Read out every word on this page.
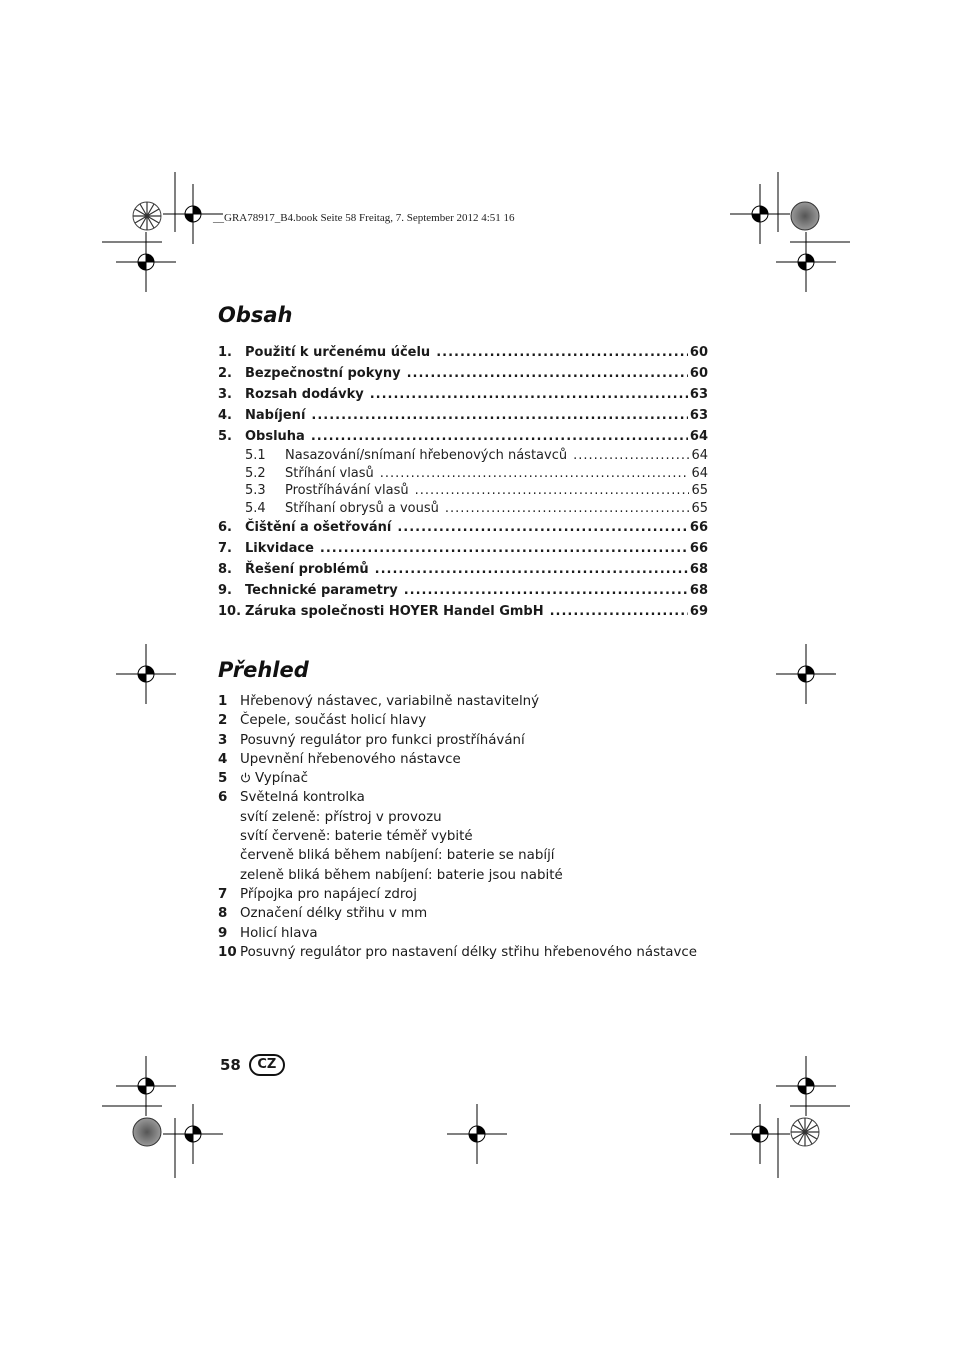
__GRA78917_B4.book Seite 58 Freitag, 7. September 2012 4:51 16
Obsah
1.	Použití k určenému účelu .....	60
2.	Bezpečnostní pokyny .....	60
3.	Rozsah dodávky .....	63
4.	Nabíjení .....	63
5.	Obsluha .....	64
5.1	Nasazování/snímaní hřebenových nástavců .....	64
5.2	Stříhání vlasů .....	64
5.3	Prostříhávání vlasů .....	65
5.4	Stříhaní obrysů a vousů .....	65
6.	Čištění a ošetřování .....	66
7.	Likvidace .....	66
8.	Řešení problémů .....	68
9.	Technické parametry .....	68
10. Záruka společnosti HOYER Handel GmbH .....	69
Přehled
1 Hřebenový nástavec, variabilně nastavitelný
2 Čepele, součást holicí hlavy
3 Posuvný regulátor pro funkci prostříhávání
4 Upevnění hřebenového nástavce
5	Vypínač
6 Světelná kontrolka
svítí zeleně: přístroj v provozu
svítí červeně: baterie téměř vybité
červeně bliká během nabíjení: baterie se nabíjí
zeleně bliká během nabíjení: baterie jsou nabité
7 Přípojka pro napájecí zdroj
8 Označení délky střihu v mm
9 Holicí hlava
10 Posuvný regulátor pro nastavení délky střihu hřebenového nástavce
58	CZ
